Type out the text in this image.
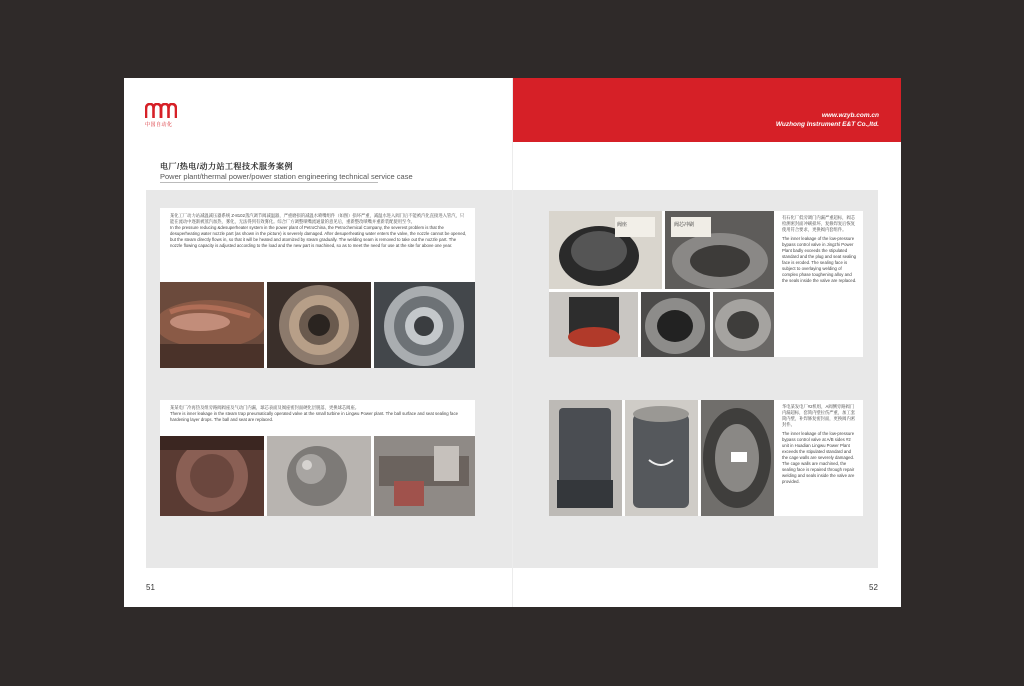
中国自动化
电厂/热电/动力站工程技术服务案例
Power plant/thermal power/power station engineering technical service case
www.wzyb.com.cn
Wuzhong Instrument E&T Co.,ltd.
某化工厂动力站减温减压器系统 Z-8102蒸汽调节阀减温器，严重磨损的减温水喷嘴组件（如图）损坏严重，减温水进入阀门后不能被汽化直接进入管汽，只能在流动中逐渐被蒸汽加热、雾化，无法得到有效雾化。综合厂方调整喷嘴流通量的意见后，重新整改喷嘴并重新装配使用至今。
In the pressure reducing &desuperheater system in the power plant of PetroChina, the Petrochemical Company, the severest problem is that the desuperheating water nozzle part (as shown in the picture) is severely damaged. After desuperheating water enters the valve, the nozzle cannot be opened, but the steam directly flows in, so that it will be heated and atomized by steam gradually. The welding seam is removed to take out the nozzle part. The nozzle flowing capacity is adjusted according to the load and the new part is machined, so as to meet the need for use at the site for above one year.
某某电厂冷再热及组旁路阀阀座及气动门内漏，球芯表面及阀座密封面硬化层脱落，更换球芯阀座。
There is inner leakage in the steam trap pneumatically operated valve at the small turbine in Lingwu Power plant. The ball surface and seat sealing face hardening layer drops. The ball and seat are replaced.
阀座	阀芯冲刷
有石化厂低旁调门内漏严重超标，阀芯检测密封面冲刷损坏，复修焊复后恢复使用符合要求，更换阀内套组件。
The inner leakage of the low-pressure bypass control valve in Jingzhi Power Plant badly exceeds the stipulated standard and the plug and seat sealing face is eroded. The sealing face is subject to overlaying welding of complex phase toughening alloy and the seals inside the valve are replaced.
华电某发电厂#2机组，A阀侧旁路阀门内漏超标，套筒内壁拉伤严重，加工套筒内壁，补焊修复密封面，更换阀内密封件。
The inner leakage of the low-pressure bypass control valve at A/B sides #2 unit in Huadian Lingwu Power Plant exceeds the stipulated standard and the cage walls are severely damaged. The cage walls are machined, the sealing face is repaired through repair welding and seals inside the valve are provided.
51	52
